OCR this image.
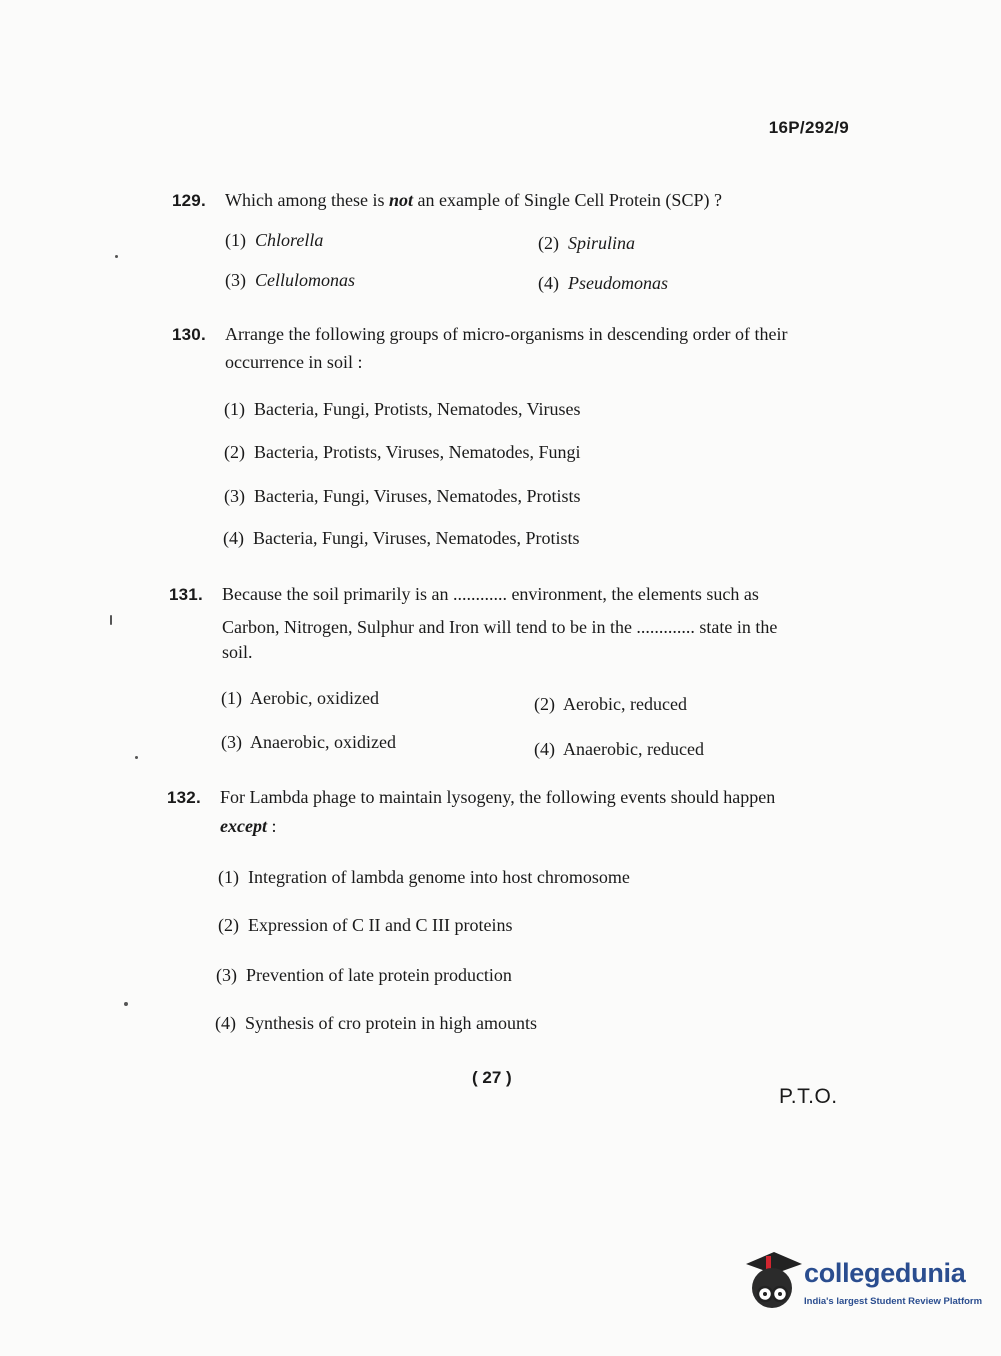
16P/292/9
129. Which among these is not an example of Single Cell Protein (SCP) ?
(1) Chlorella	(2) Spirulina
(3) Cellulomonas	(4) Pseudomonas
130. Arrange the following groups of micro-organisms in descending order of their
occurrence in soil :
(1) Bacteria, Fungi, Protists, Nematodes, Viruses
(2) Bacteria, Protists, Viruses, Nematodes, Fungi
(3) Bacteria, Fungi, Viruses, Nematodes, Protists
(4) Bacteria, Fungi, Viruses, Nematodes, Protists
131. Because the soil primarily is an ............ environment, the elements such as
Carbon, Nitrogen, Sulphur and Iron will tend to be in the ............. state in the
soil.
(1) Aerobic, oxidized	(2) Aerobic, reduced
(3) Anaerobic, oxidized	(4) Anaerobic, reduced
132. For Lambda phage to maintain lysogeny, the following events should happen
except :
(1) Integration of lambda genome into host chromosome
(2) Expression of C II and C III proteins
(3) Prevention of late protein production
(4) Synthesis of cro protein in high amounts
( 27 )
P.T.O.
collegedunia
India's largest Student Review Platform
